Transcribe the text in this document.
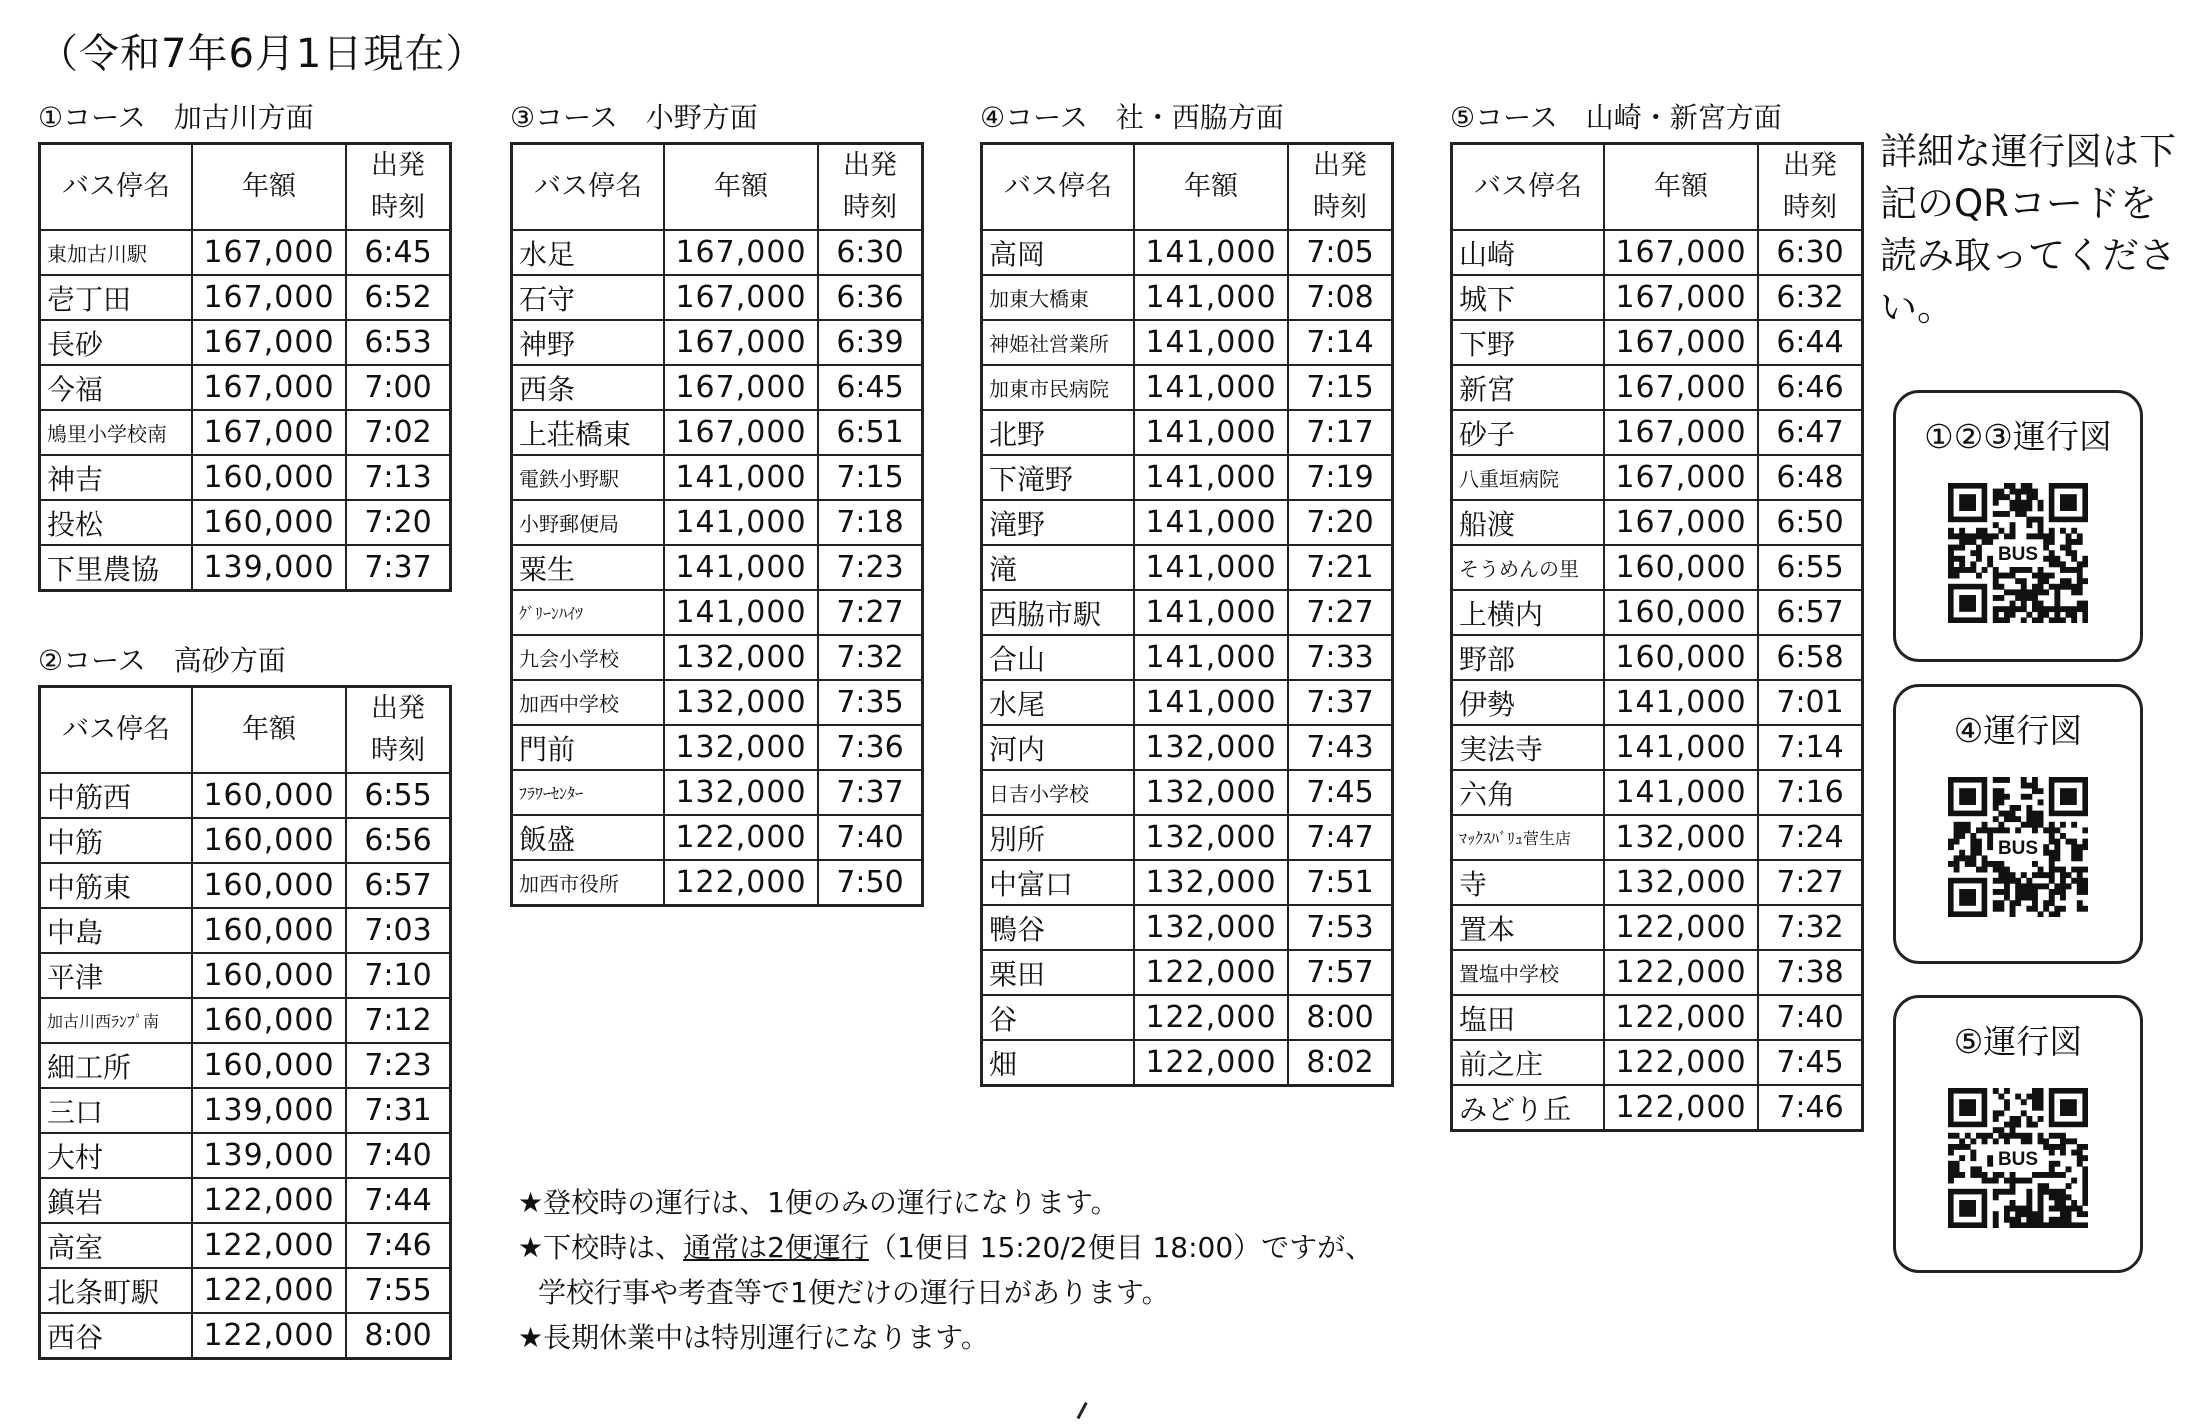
（令和7年6月1日現在）
①コース　加古川方面
バス停名	年額	出発
時刻

東加古川駅	167,000	6:45
壱丁田	167,000	6:52
長砂	167,000	6:53
今福	167,000	7:00
鳩里小学校南	167,000	7:02
神吉	160,000	7:13
投松	160,000	7:20
下里農協	139,000	7:37
②コース　高砂方面
バス停名	年額	出発
時刻

中筋西	160,000	6:55
中筋	160,000	6:56
中筋東	160,000	6:57
中島	160,000	7:03
平津	160,000	7:10
加古川西ﾗﾝﾌﾟ南	160,000	7:12
細工所	160,000	7:23
三口	139,000	7:31
大村	139,000	7:40
鎮岩	122,000	7:44
高室	122,000	7:46
北条町駅	122,000	7:55
西谷	122,000	8:00
③コース　小野方面
バス停名	年額	出発
時刻

水足	167,000	6:30
石守	167,000	6:36
神野	167,000	6:39
西条	167,000	6:45
上荘橋東	167,000	6:51
電鉄小野駅	141,000	7:15
小野郵便局	141,000	7:18
粟生	141,000	7:23
ｸﾞﾘｰﾝﾊｲﾂ	141,000	7:27
九会小学校	132,000	7:32
加西中学校	132,000	7:35
門前	132,000	7:36
ﾌﾗﾜｰｾﾝﾀｰ	132,000	7:37
飯盛	122,000	7:40
加西市役所	122,000	7:50
④コース　社・西脇方面
バス停名	年額	出発
時刻

高岡	141,000	7:05
加東大橋東	141,000	7:08
神姫社営業所	141,000	7:14
加東市民病院	141,000	7:15
北野	141,000	7:17
下滝野	141,000	7:19
滝野	141,000	7:20
滝	141,000	7:21
西脇市駅	141,000	7:27
合山	141,000	7:33
水尾	141,000	7:37
河内	132,000	7:43
日吉小学校	132,000	7:45
別所	132,000	7:47
中富口	132,000	7:51
鴨谷	132,000	7:53
栗田	122,000	7:57
谷	122,000	8:00
畑	122,000	8:02
⑤コース　山崎・新宮方面
バス停名	年額	出発
時刻

山崎	167,000	6:30
城下	167,000	6:32
下野	167,000	6:44
新宮	167,000	6:46
砂子	167,000	6:47
八重垣病院	167,000	6:48
船渡	167,000	6:50
そうめんの里	160,000	6:55
上横内	160,000	6:57
野部	160,000	6:58
伊勢	141,000	7:01
実法寺	141,000	7:14
六角	141,000	7:16
ﾏｯｸｽﾊﾞﾘｭ菅生店	132,000	7:24
寺	132,000	7:27
置本	122,000	7:32
置塩中学校	122,000	7:38
塩田	122,000	7:40
前之庄	122,000	7:45
みどり丘	122,000	7:46
詳細な運行図は下記のQRコードを読み取ってください。
①②③運行図
BUS
④運行図
BUS
⑤運行図
BUS

★登校時の運行は、1便のみの運行になります。

★下校時は、通常は2便運行（1便目 15:20/2便目 18:00）ですが、

学校行事や考査等で1便だけの運行日があります。

★長期休業中は特別運行になります。
